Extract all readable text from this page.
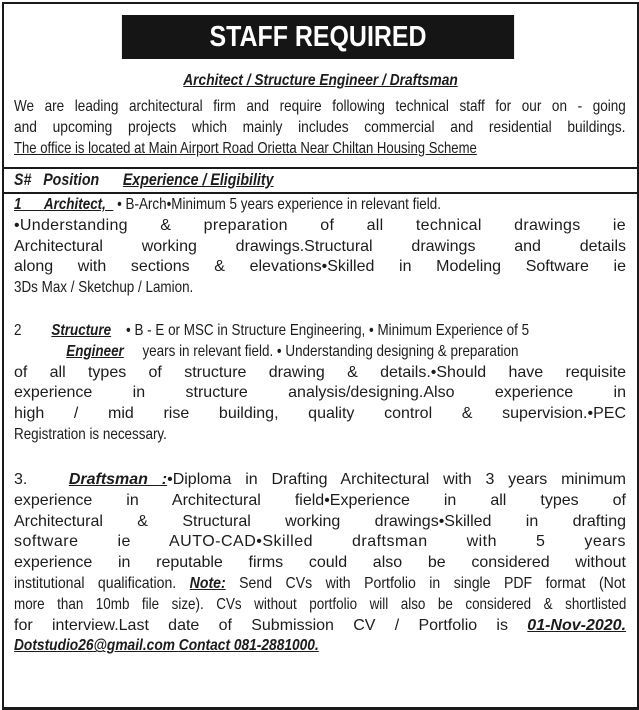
STAFF REQUIRED
Architect / Structure Engineer / Draftsman

We are leading architectural firm and require following technical staff for our on - going

and upcoming projects which mainly includes commercial and residential buildings.

The office is located at Main Airport Road Orietta Near Chiltan Housing Scheme

S# Position Experience / Eligibility

1 Architect, • B-Arch•Minimum 5 years experience in relevant field.

•Understanding & preparation of all technical drawings ie

Architectural working drawings.Structural drawings and details

along with sections & elevations•Skilled in Modeling Software ie

3Ds Max / Sketchup / Lamion.

2 Structure • B - E or MSC in Structure Engineering, • Minimum Experience of 5

Engineer years in relevant field. • Understanding designing & preparation

of all types of structure drawing & details.•Should have requisite

experience in structure analysis/designing.Also experience in

high / mid rise building, quality control & supervision.•PEC

Registration is necessary.

3.	Draftsman :•Diploma in Drafting Architectural with 3 years minimum

experience in Architectural field•Experience in all types of

Architectural & Structural working drawings•Skilled in drafting

software ie AUTO-CAD•Skilled draftsman with 5 years

experience in reputable firms could also be considered without

institutional qualification. Note: Send CVs with Portfolio in single PDF format (Not

more than 10mb file size). CVs without portfolio will also be considered & shortlisted

for interview.Last date of Submission CV / Portfolio is 01-Nov-2020.

Dotstudio26@gmail.com Contact 081-2881000.
